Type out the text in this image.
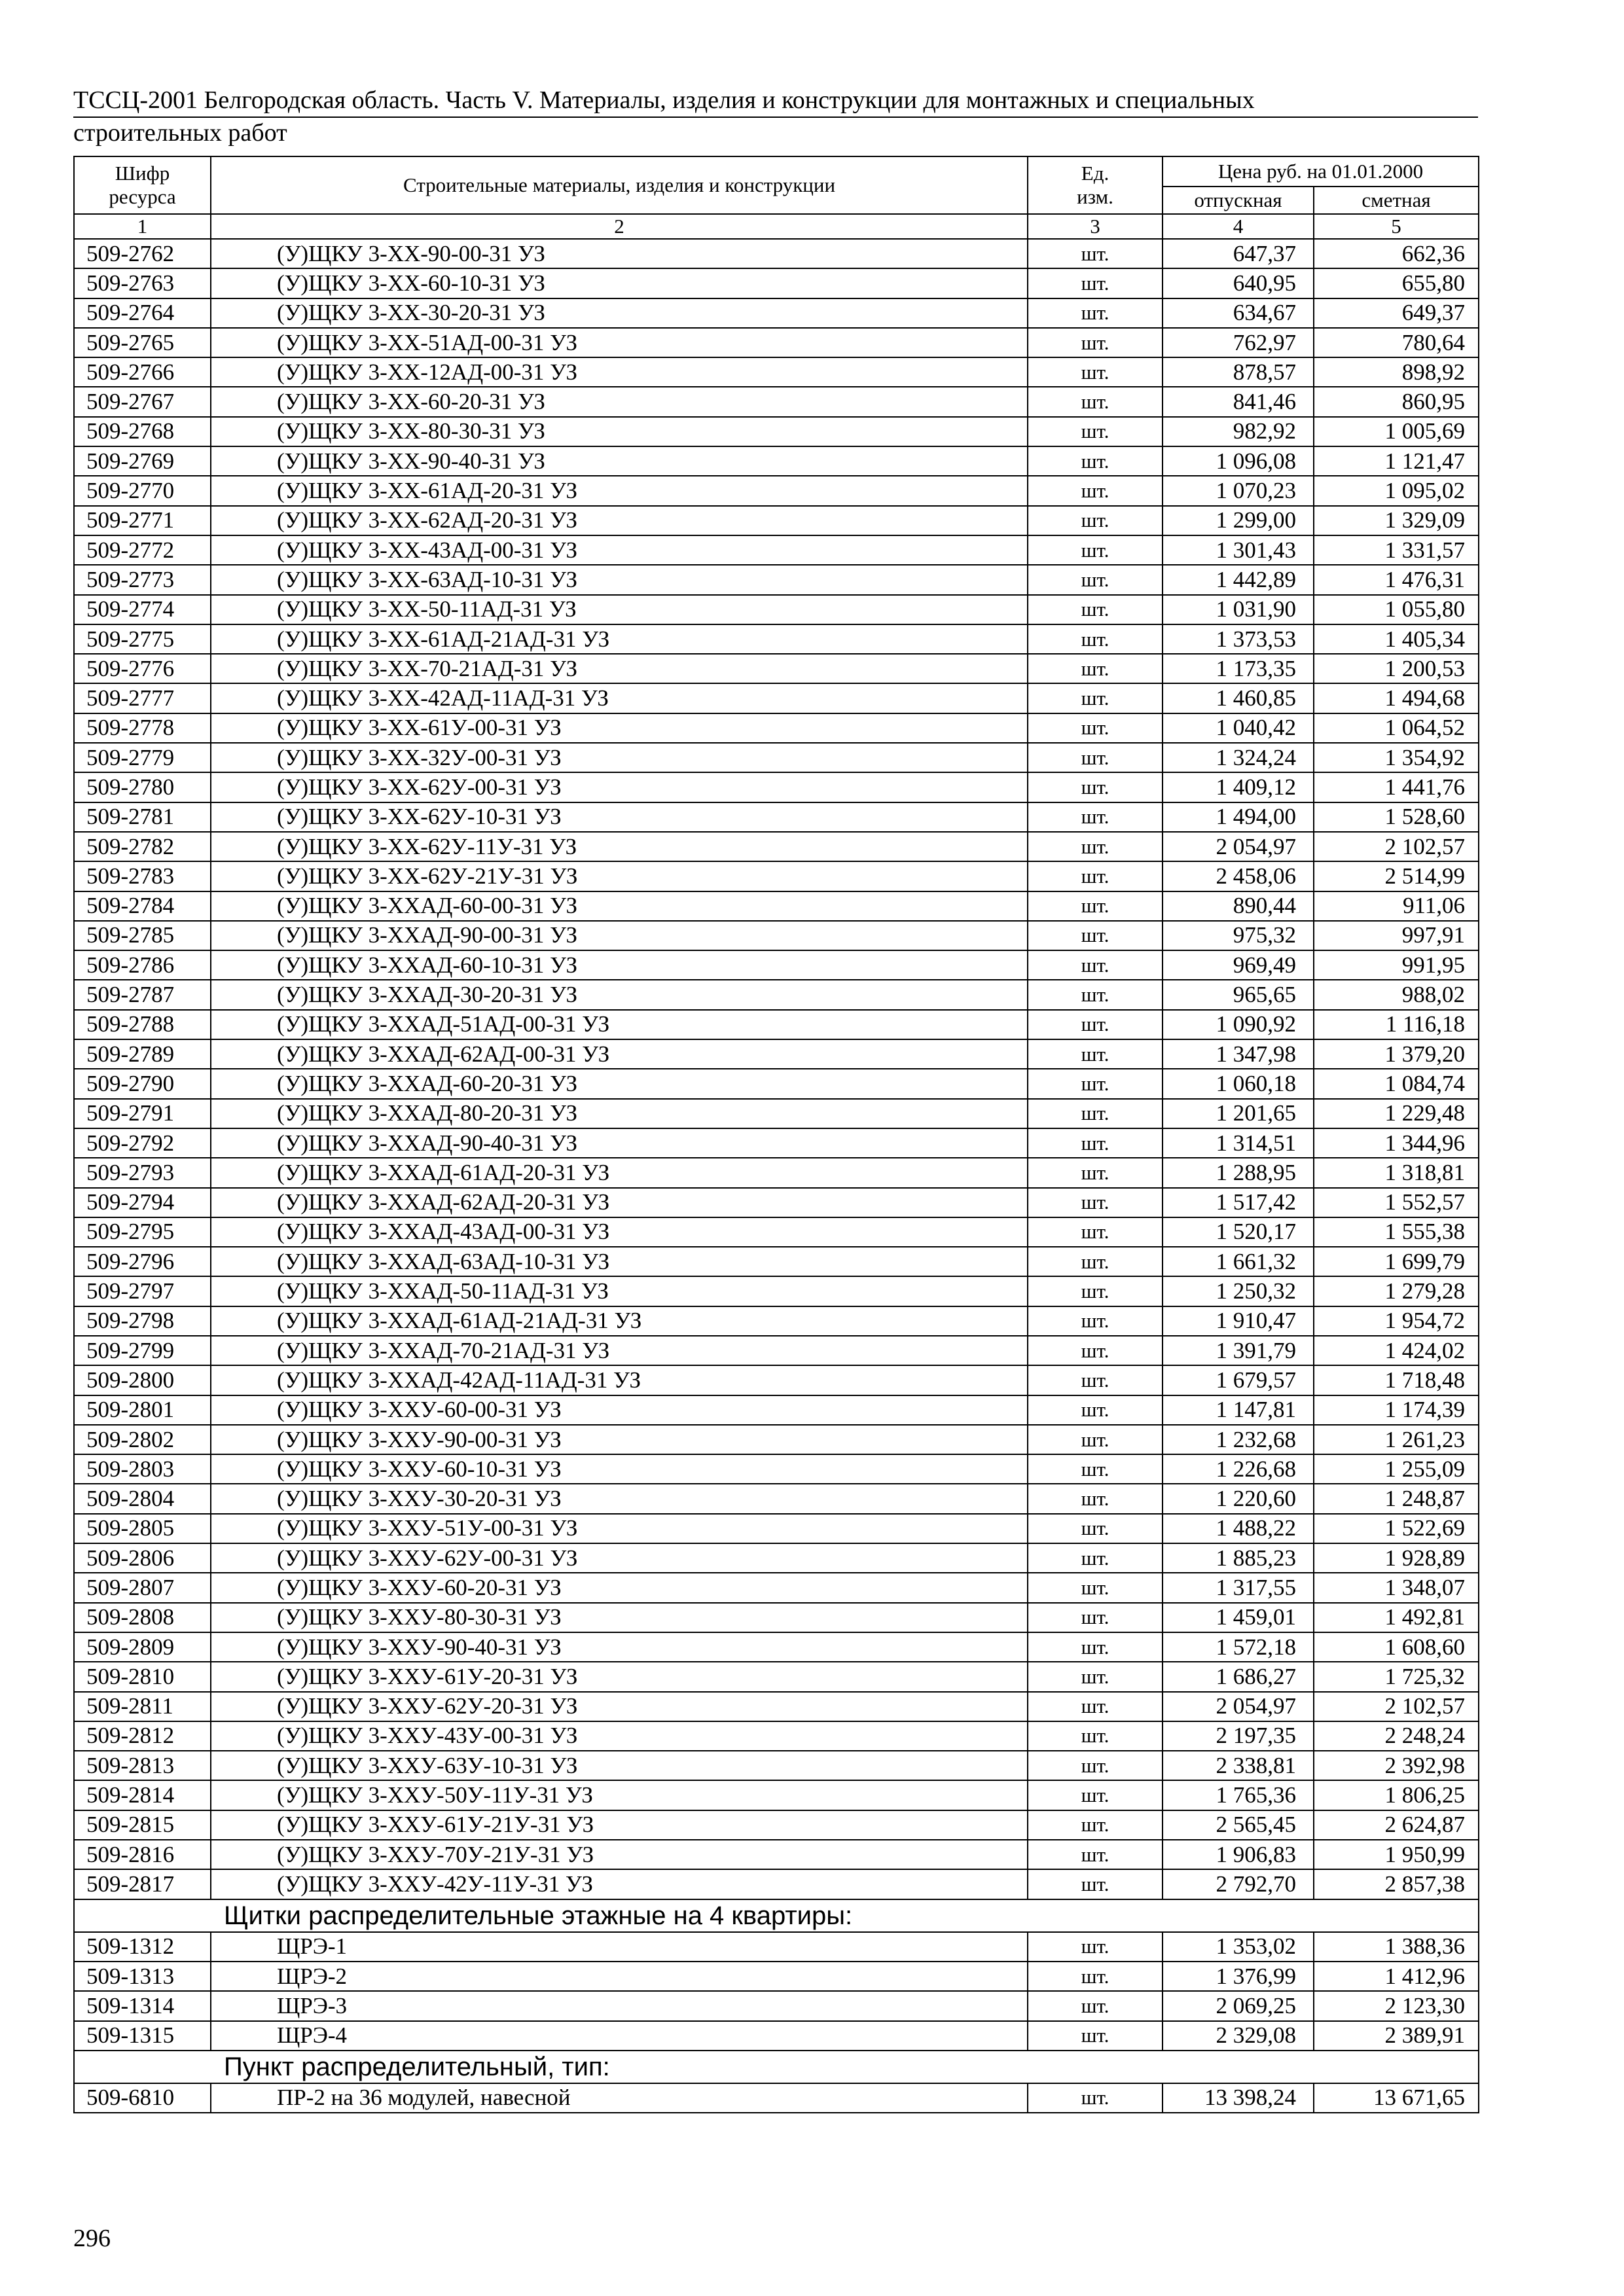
ТССЦ-2001 Белгородская область. Часть V. Материалы, изделия и конструкции для монтажных и специальных
строительных работ
Шифр ресурса	Строительные материалы, изделия и конструкции	Ед. изм.	Цена руб. на 01.01.2000	
			отпускная	сметная
1	2	3	4	5
509-2762	(У)ЩКУ 3-ХХ-90-00-31 УЗ	шт.	647,37	662,36
509-2763	(У)ЩКУ 3-ХХ-60-10-31 УЗ	шт.	640,95	655,80
509-2764	(У)ЩКУ 3-ХХ-30-20-31 УЗ	шт.	634,67	649,37
509-2765	(У)ЩКУ 3-ХХ-51АД-00-31 УЗ	шт.	762,97	780,64
509-2766	(У)ЩКУ 3-ХХ-12АД-00-31 УЗ	шт.	878,57	898,92
509-2767	(У)ЩКУ 3-ХХ-60-20-31 УЗ	шт.	841,46	860,95
509-2768	(У)ЩКУ 3-ХХ-80-30-31 УЗ	шт.	982,92	1 005,69
509-2769	(У)ЩКУ 3-ХХ-90-40-31 УЗ	шт.	1 096,08	1 121,47
509-2770	(У)ЩКУ 3-ХХ-61АД-20-31 УЗ	шт.	1 070,23	1 095,02
509-2771	(У)ЩКУ 3-ХХ-62АД-20-31 УЗ	шт.	1 299,00	1 329,09
509-2772	(У)ЩКУ 3-ХХ-43АД-00-31 УЗ	шт.	1 301,43	1 331,57
509-2773	(У)ЩКУ 3-ХХ-63АД-10-31 УЗ	шт.	1 442,89	1 476,31
509-2774	(У)ЩКУ 3-ХХ-50-11АД-31 УЗ	шт.	1 031,90	1 055,80
509-2775	(У)ЩКУ 3-ХХ-61АД-21АД-31 УЗ	шт.	1 373,53	1 405,34
509-2776	(У)ЩКУ 3-ХХ-70-21АД-31 УЗ	шт.	1 173,35	1 200,53
509-2777	(У)ЩКУ 3-ХХ-42АД-11АД-31 УЗ	шт.	1 460,85	1 494,68
509-2778	(У)ЩКУ 3-ХХ-61У-00-31 УЗ	шт.	1 040,42	1 064,52
509-2779	(У)ЩКУ 3-ХХ-32У-00-31 УЗ	шт.	1 324,24	1 354,92
509-2780	(У)ЩКУ 3-ХХ-62У-00-31 УЗ	шт.	1 409,12	1 441,76
509-2781	(У)ЩКУ 3-ХХ-62У-10-31 УЗ	шт.	1 494,00	1 528,60
509-2782	(У)ЩКУ 3-ХХ-62У-11У-31 УЗ	шт.	2 054,97	2 102,57
509-2783	(У)ЩКУ 3-ХХ-62У-21У-31 УЗ	шт.	2 458,06	2 514,99
509-2784	(У)ЩКУ 3-ХХАД-60-00-31 УЗ	шт.	890,44	911,06
509-2785	(У)ЩКУ 3-ХХАД-90-00-31 УЗ	шт.	975,32	997,91
509-2786	(У)ЩКУ 3-ХХАД-60-10-31 УЗ	шт.	969,49	991,95
509-2787	(У)ЩКУ 3-ХХАД-30-20-31 УЗ	шт.	965,65	988,02
509-2788	(У)ЩКУ 3-ХХАД-51АД-00-31 УЗ	шт.	1 090,92	1 116,18
509-2789	(У)ЩКУ 3-ХХАД-62АД-00-31 УЗ	шт.	1 347,98	1 379,20
509-2790	(У)ЩКУ 3-ХХАД-60-20-31 УЗ	шт.	1 060,18	1 084,74
509-2791	(У)ЩКУ 3-ХХАД-80-20-31 УЗ	шт.	1 201,65	1 229,48
509-2792	(У)ЩКУ 3-ХХАД-90-40-31 УЗ	шт.	1 314,51	1 344,96
509-2793	(У)ЩКУ 3-ХХАД-61АД-20-31 УЗ	шт.	1 288,95	1 318,81
509-2794	(У)ЩКУ 3-ХХАД-62АД-20-31 УЗ	шт.	1 517,42	1 552,57
509-2795	(У)ЩКУ 3-ХХАД-43АД-00-31 УЗ	шт.	1 520,17	1 555,38
509-2796	(У)ЩКУ 3-ХХАД-63АД-10-31 УЗ	шт.	1 661,32	1 699,79
509-2797	(У)ЩКУ 3-ХХАД-50-11АД-31 УЗ	шт.	1 250,32	1 279,28
509-2798	(У)ЩКУ 3-ХХАД-61АД-21АД-31 УЗ	шт.	1 910,47	1 954,72
509-2799	(У)ЩКУ 3-ХХАД-70-21АД-31 УЗ	шт.	1 391,79	1 424,02
509-2800	(У)ЩКУ 3-ХХАД-42АД-11АД-31 УЗ	шт.	1 679,57	1 718,48
509-2801	(У)ЩКУ 3-ХХУ-60-00-31 УЗ	шт.	1 147,81	1 174,39
509-2802	(У)ЩКУ 3-ХХУ-90-00-31 УЗ	шт.	1 232,68	1 261,23
509-2803	(У)ЩКУ 3-ХХУ-60-10-31 УЗ	шт.	1 226,68	1 255,09
509-2804	(У)ЩКУ 3-ХХУ-30-20-31 УЗ	шт.	1 220,60	1 248,87
509-2805	(У)ЩКУ 3-ХХУ-51У-00-31 УЗ	шт.	1 488,22	1 522,69
509-2806	(У)ЩКУ 3-ХХУ-62У-00-31 УЗ	шт.	1 885,23	1 928,89
509-2807	(У)ЩКУ 3-ХХУ-60-20-31 УЗ	шт.	1 317,55	1 348,07
509-2808	(У)ЩКУ 3-ХХУ-80-30-31 УЗ	шт.	1 459,01	1 492,81
509-2809	(У)ЩКУ 3-ХХУ-90-40-31 УЗ	шт.	1 572,18	1 608,60
509-2810	(У)ЩКУ 3-ХХУ-61У-20-31 УЗ	шт.	1 686,27	1 725,32
509-2811	(У)ЩКУ 3-ХХУ-62У-20-31 УЗ	шт.	2 054,97	2 102,57
509-2812	(У)ЩКУ 3-ХХУ-43У-00-31 УЗ	шт.	2 197,35	2 248,24
509-2813	(У)ЩКУ 3-ХХУ-63У-10-31 УЗ	шт.	2 338,81	2 392,98
509-2814	(У)ЩКУ 3-ХХУ-50У-11У-31 УЗ	шт.	1 765,36	1 806,25
509-2815	(У)ЩКУ 3-ХХУ-61У-21У-31 УЗ	шт.	2 565,45	2 624,87
509-2816	(У)ЩКУ 3-ХХУ-70У-21У-31 УЗ	шт.	1 906,83	1 950,99
509-2817	(У)ЩКУ 3-ХХУ-42У-11У-31 УЗ	шт.	2 792,70	2 857,38
Щитки распределительные этажные на 4 квартиры:				
509-1312	ЩРЭ-1	шт.	1 353,02	1 388,36
509-1313	ЩРЭ-2	шт.	1 376,99	1 412,96
509-1314	ЩРЭ-3	шт.	2 069,25	2 123,30
509-1315	ЩРЭ-4	шт.	2 329,08	2 389,91
Пункт распределительный, тип:				
509-6810	ПР-2 на 36 модулей, навесной	шт.	13 398,24	13 671,65
296
